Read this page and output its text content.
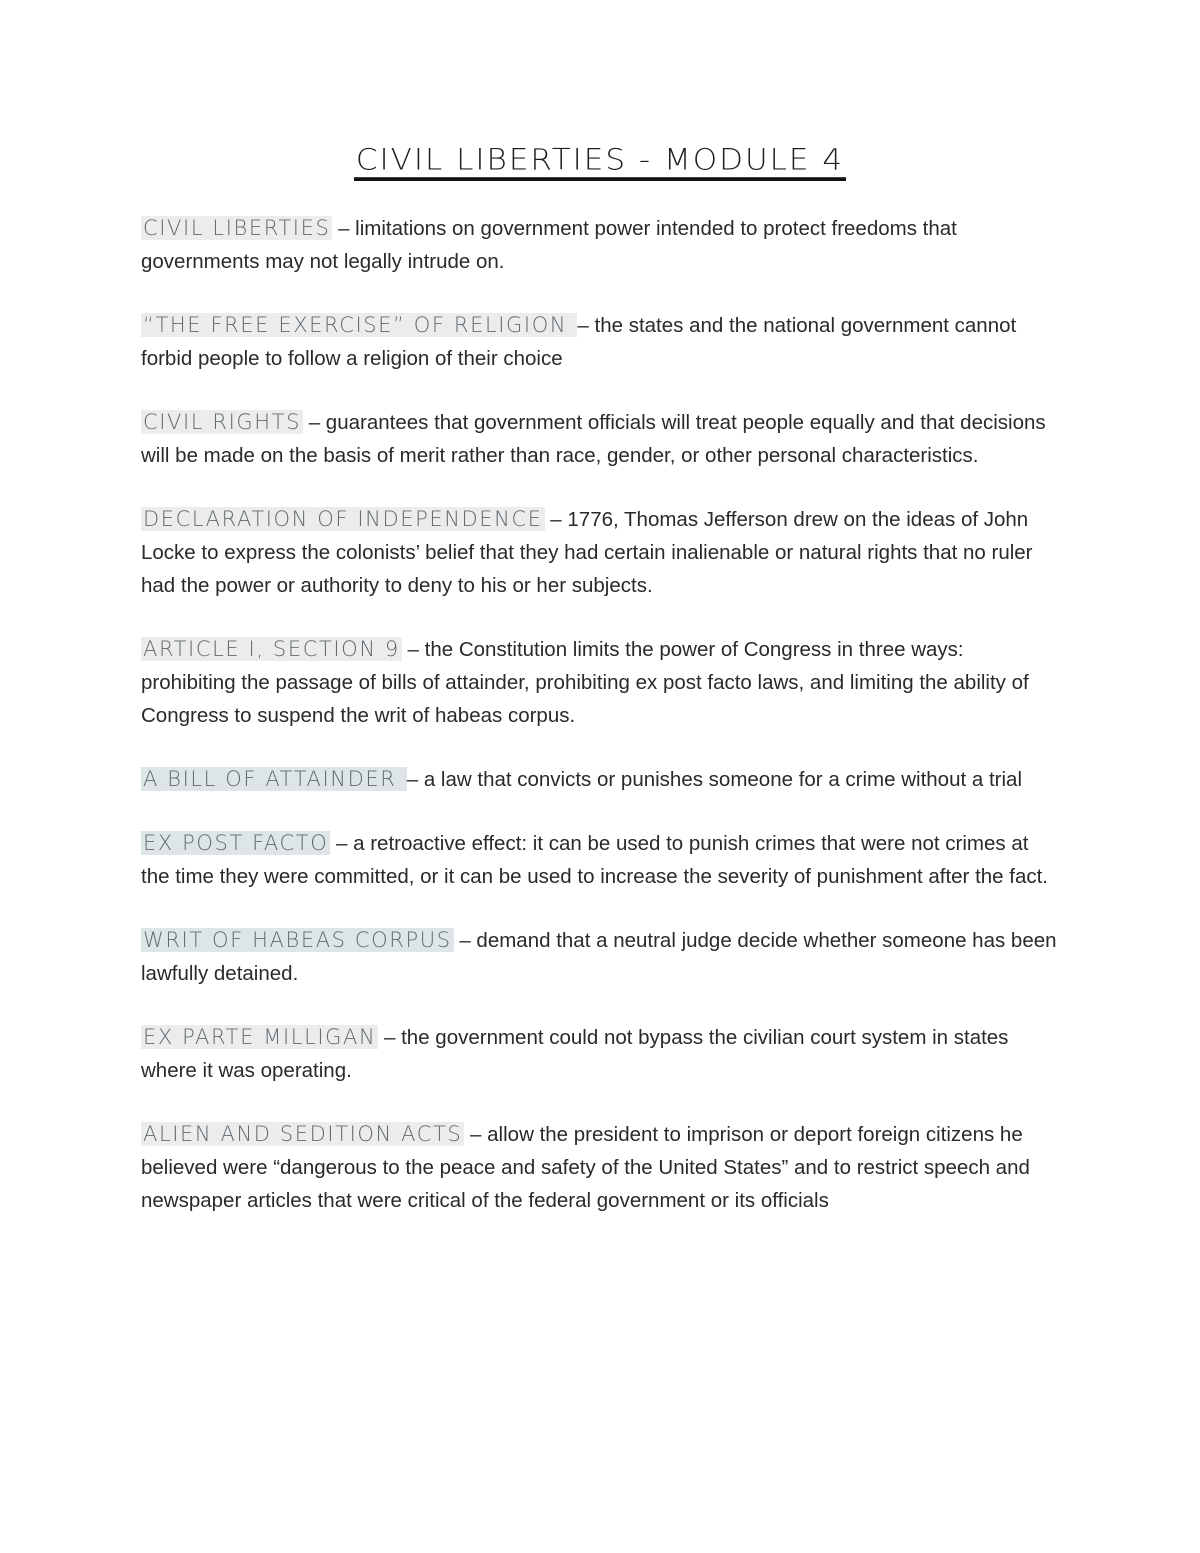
CIVIL LIBERTIES - MODULE 4

CIVIL LIBERTIES – limitations on government power intended to protect freedoms that governments may not legally intrude on.

“THE FREE EXERCISE” OF RELIGION – the states and the national government cannot forbid people to follow a religion of their choice

CIVIL RIGHTS – guarantees that government officials will treat people equally and that decisions will be made on the basis of merit rather than race, gender, or other personal characteristics.

DECLARATION OF INDEPENDENCE – 1776, Thomas Jefferson drew on the ideas of John Locke to express the colonists’ belief that they had certain inalienable or natural rights that no ruler had the power or authority to deny to his or her subjects.

ARTICLE I, SECTION 9 – the Constitution limits the power of Congress in three ways: prohibiting the passage of bills of attainder, prohibiting ex post facto laws, and limiting the ability of Congress to suspend the writ of habeas corpus.

A BILL OF ATTAINDER – a law that convicts or punishes someone for a crime without a trial

EX POST FACTO – a retroactive effect: it can be used to punish crimes that were not crimes at the time they were committed, or it can be used to increase the severity of punishment after the fact.

WRIT OF HABEAS CORPUS – demand that a neutral judge decide whether someone has been lawfully detained.

EX PARTE MILLIGAN – the government could not bypass the civilian court system in states where it was operating.

ALIEN AND SEDITION ACTS – allow the president to imprison or deport foreign citizens he believed were “dangerous to the peace and safety of the United States” and to restrict speech and newspaper articles that were critical of the federal government or its officials
